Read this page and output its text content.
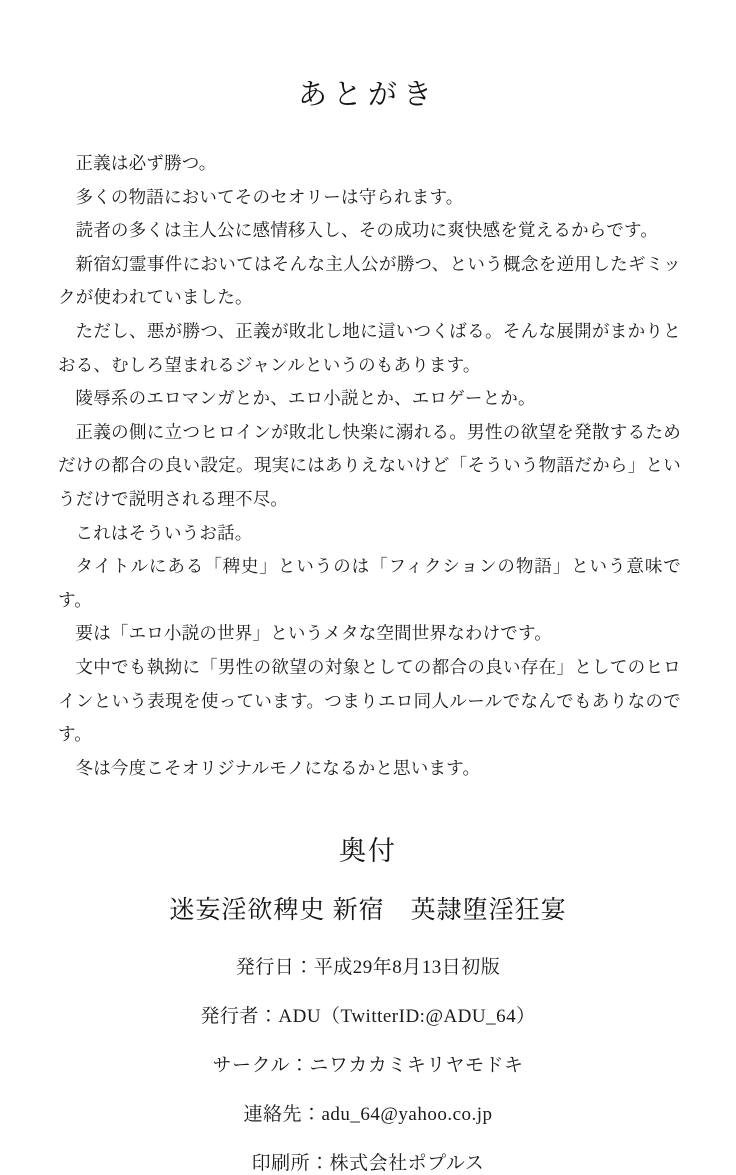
あとがき

正義は必ず勝つ。

多くの物語においてそのセオリーは守られます。

読者の多くは主人公に感情移入し、その成功に爽快感を覚えるからです。

新宿幻霊事件においてはそんな主人公が勝つ、という概念を逆用したギミックが使われていました。

ただし、悪が勝つ、正義が敗北し地に這いつくばる。そんな展開がまかりとおる、むしろ望まれるジャンルというのもあります。

陵辱系のエロマンガとか、エロ小説とか、エロゲーとか。

正義の側に立つヒロインが敗北し快楽に溺れる。男性の欲望を発散するためだけの都合の良い設定。現実にはありえないけど「そういう物語だから」というだけで説明される理不尽。

これはそういうお話。

タイトルにある「稗史」というのは「フィクションの物語」という意味です。

要は「エロ小説の世界」というメタな空間世界なわけです。

文中でも執拗に「男性の欲望の対象としての都合の良い存在」としてのヒロインという表現を使っています。つまりエロ同人ルールでなんでもありなのです。

冬は今度こそオリジナルモノになるかと思います。

奥付
迷妄淫欲稗史 新宿　英隷堕淫狂宴
発行日：平成29年8月13日初版
発行者：ADU（TwitterID:@ADU_64）
サークル：ニワカカミキリヤモドキ
連絡先：adu_64@yahoo.co.jp
印刷所：株式会社ポプルス
